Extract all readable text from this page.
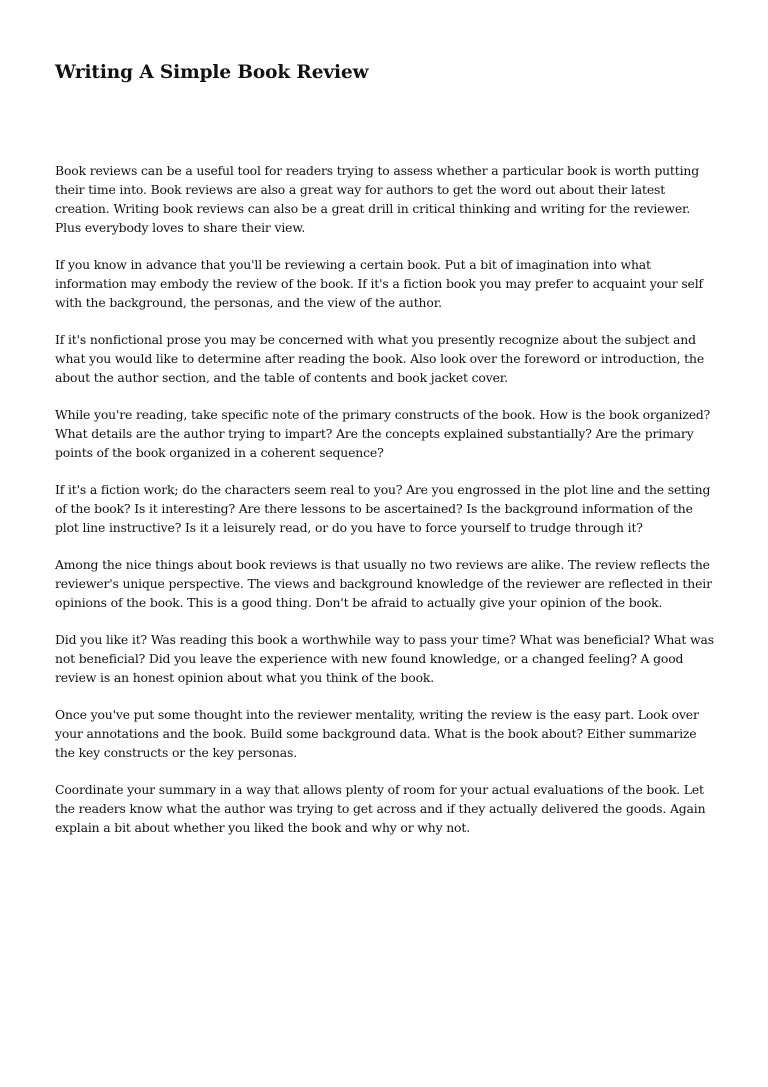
Writing A Simple Book Review

Book reviews can be a useful tool for readers trying to assess whether a particular book is worth putting their time into. Book reviews are also a great way for authors to get the word out about their latest creation. Writing book reviews can also be a great drill in critical thinking and writing for the reviewer. Plus everybody loves to share their view.

If you know in advance that you'll be reviewing a certain book. Put a bit of imagination into what information may embody the review of the book. If it's a fiction book you may prefer to acquaint your self with the background, the personas, and the view of the author.

If it's nonfictional prose you may be concerned with what you presently recognize about the subject and what you would like to determine after reading the book. Also look over the foreword or introduction, the about the author section, and the table of contents and book jacket cover.

While you're reading, take specific note of the primary constructs of the book. How is the book organized? What details are the author trying to impart? Are the concepts explained substantially? Are the primary points of the book organized in a coherent sequence?

If it's a fiction work; do the characters seem real to you? Are you engrossed in the plot line and the setting of the book? Is it interesting? Are there lessons to be ascertained? Is the background information of the plot line instructive? Is it a leisurely read, or do you have to force yourself to trudge through it?

Among the nice things about book reviews is that usually no two reviews are alike. The review reflects the reviewer's unique perspective. The views and background knowledge of the reviewer are reflected in their opinions of the book. This is a good thing. Don't be afraid to actually give your opinion of the book.

Did you like it? Was reading this book a worthwhile way to pass your time? What was beneficial? What was not beneficial? Did you leave the experience with new found knowledge, or a changed feeling? A good review is an honest opinion about what you think of the book.

Once you've put some thought into the reviewer mentality, writing the review is the easy part. Look over your annotations and the book. Build some background data. What is the book about? Either summarize the key constructs or the key personas.

Coordinate your summary in a way that allows plenty of room for your actual evaluations of the book. Let the readers know what the author was trying to get across and if they actually delivered the goods. Again explain a bit about whether you liked the book and why or why not.
